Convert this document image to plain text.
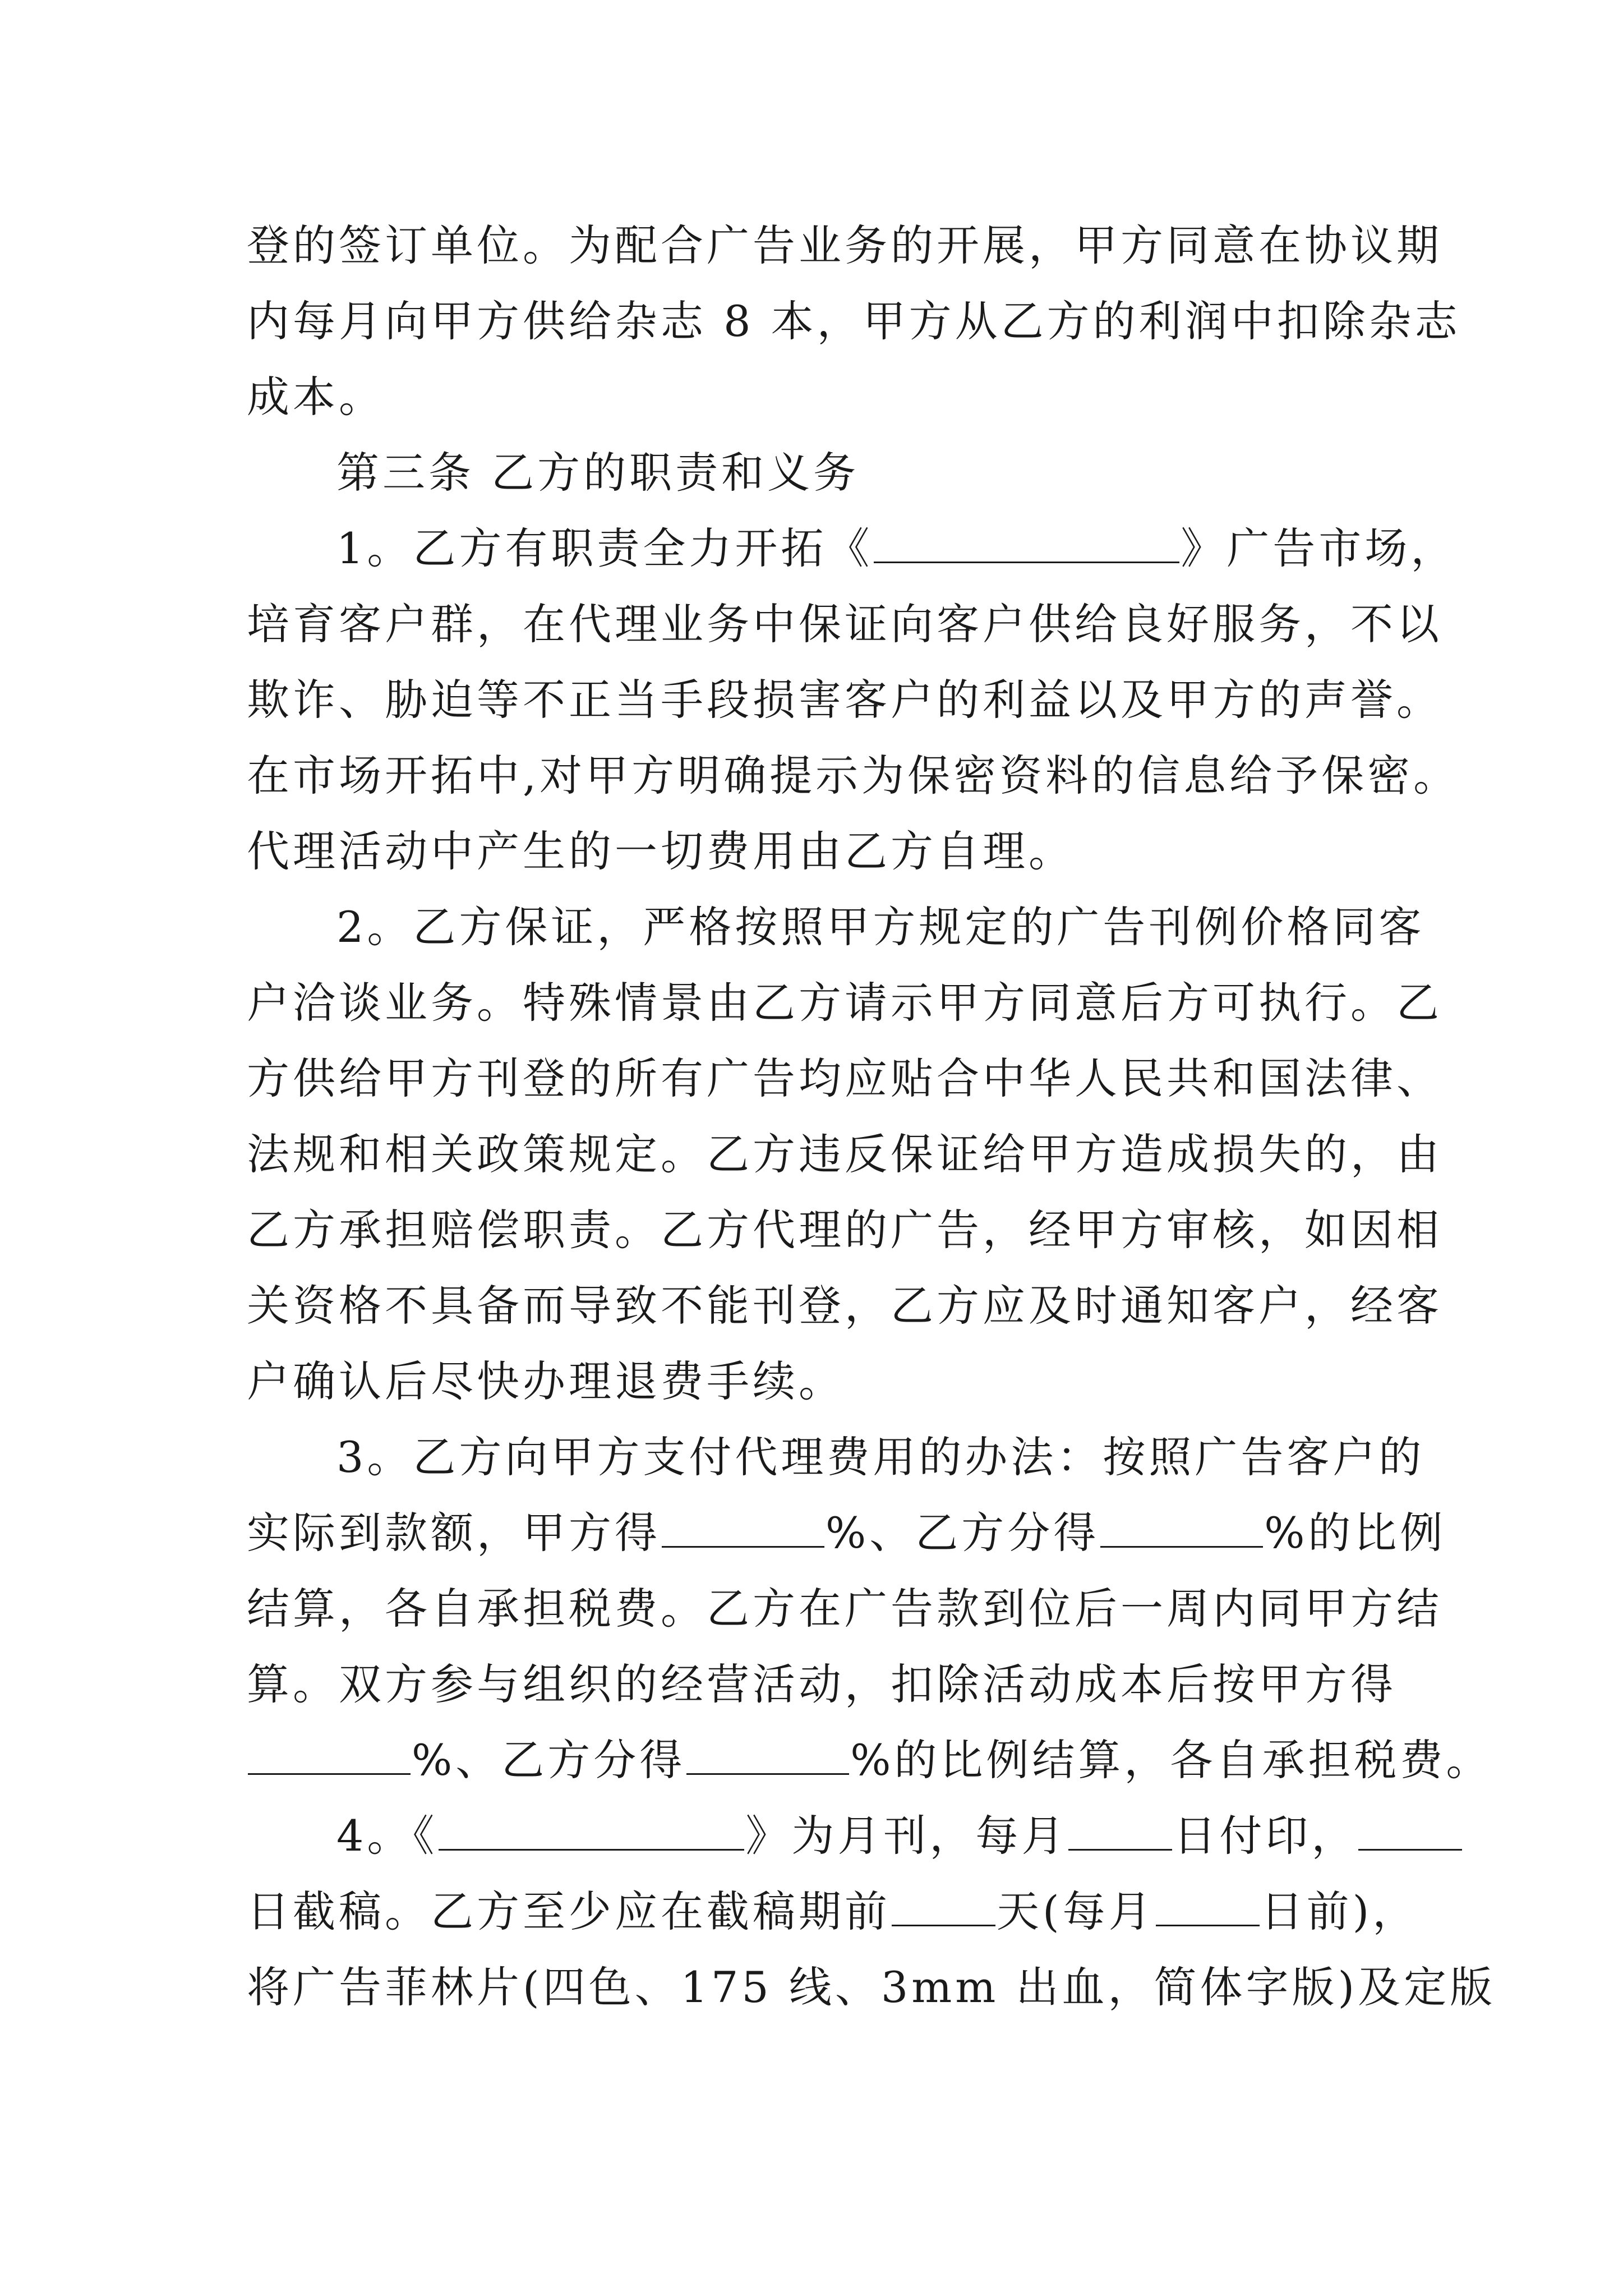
登的签订单位。为配合广告业务的开展，甲方同意在协议期
内每月向甲方供给杂志 8 本，甲方从乙方的利润中扣除杂志
成本。
第三条 乙方的职责和义务
1。乙方有职责全力开拓《	》广告市场，
培育客户群，在代理业务中保证向客户供给良好服务，不以
欺诈、胁迫等不正当手段损害客户的利益以及甲方的声誉。
在市场开拓中,对甲方明确提示为保密资料的信息给予保密。
代理活动中产生的一切费用由乙方自理。
2。乙方保证，严格按照甲方规定的广告刊例价格同客
户洽谈业务。特殊情景由乙方请示甲方同意后方可执行。乙
方供给甲方刊登的所有广告均应贴合中华人民共和国法律、
法规和相关政策规定。乙方违反保证给甲方造成损失的，由
乙方承担赔偿职责。乙方代理的广告，经甲方审核，如因相
关资格不具备而导致不能刊登，乙方应及时通知客户，经客
户确认后尽快办理退费手续。
3。乙方向甲方支付代理费用的办法：按照广告客户的
实际到款额，甲方得	%、乙方分得	%的比例
结算，各自承担税费。乙方在广告款到位后一周内同甲方结
算。双方参与组织的经营活动，扣除活动成本后按甲方得
%、乙方分得	%的比例结算，各自承担税费。
4。《	》为月刊，每月 日付印，
日截稿。乙方至少应在截稿期前 天(每月 日前)，
将广告菲林片(四色、175 线、3mm 出血，简体字版)及定版
